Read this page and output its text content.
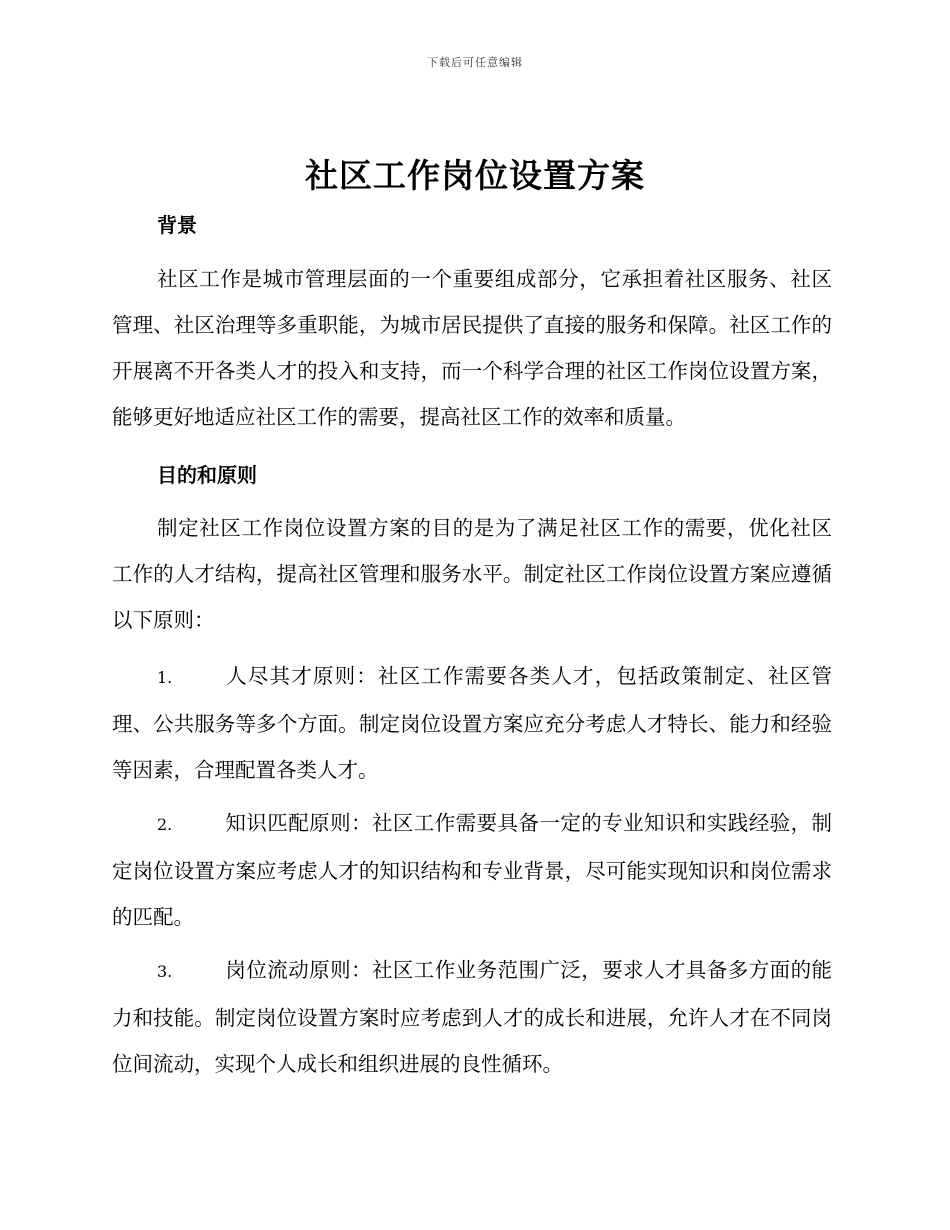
下载后可任意编辑
社区工作岗位设置方案
背景

社区工作是城市管理层面的一个重要组成部分，它承担着社区服务、社区管理、社区治理等多重职能，为城市居民提供了直接的服务和保障。社区工作的开展离不开各类人才的投入和支持，而一个科学合理的社区工作岗位设置方案，能够更好地适应社区工作的需要，提高社区工作的效率和质量。

目的和原则

制定社区工作岗位设置方案的目的是为了满足社区工作的需要，优化社区工作的人才结构，提高社区管理和服务水平。制定社区工作岗位设置方案应遵循以下原则：

1.	人尽其才原则：社区工作需要各类人才，包括政策制定、社区管理、公共服务等多个方面。制定岗位设置方案应充分考虑人才特长、能力和经验等因素，合理配置各类人才。

2.	知识匹配原则：社区工作需要具备一定的专业知识和实践经验，制定岗位设置方案应考虑人才的知识结构和专业背景，尽可能实现知识和岗位需求的匹配。

3.	岗位流动原则：社区工作业务范围广泛，要求人才具备多方面的能力和技能。制定岗位设置方案时应考虑到人才的成长和进展，允许人才在不同岗位间流动，实现个人成长和组织进展的良性循环。
